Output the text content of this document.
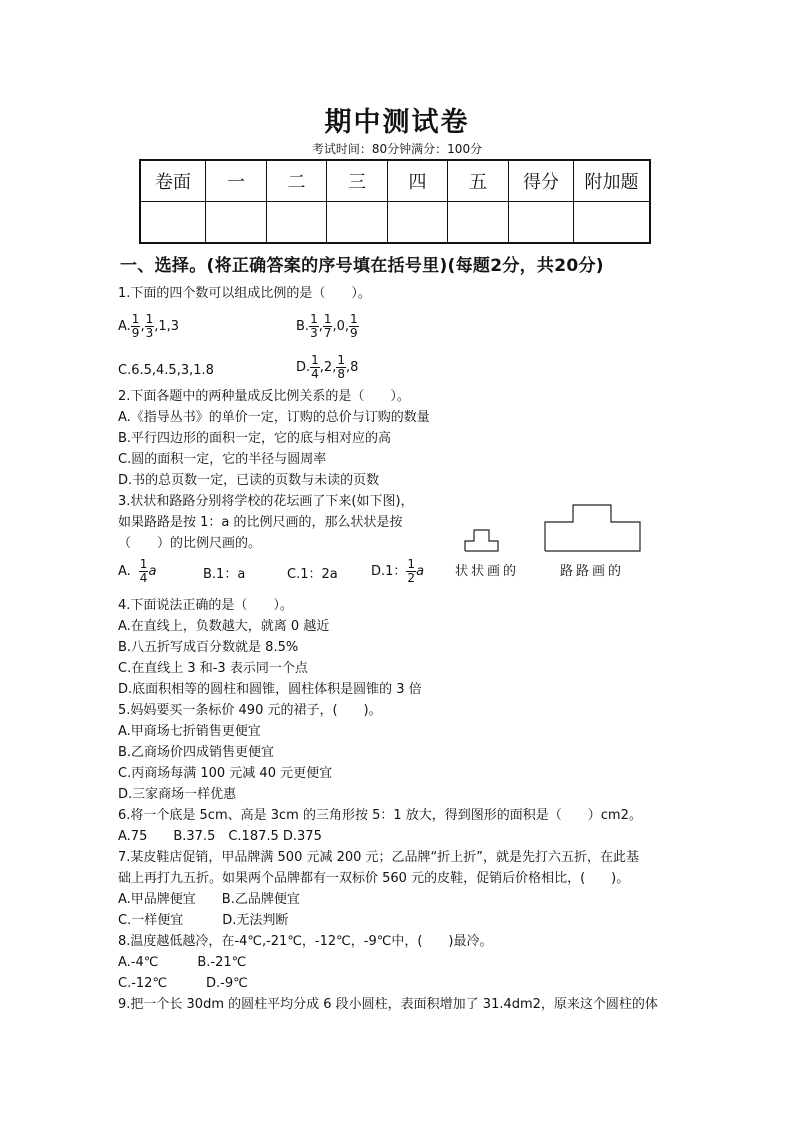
期中测试卷
考试时间：80分钟满分：100分
卷面	一	二	三	四	五	得分	附加题

一、选择。(将正确答案的序号填在括号里)(每题2分，共20分)
1.下面的四个数可以组成比例的是（　　）。
A. $\frac{1}{9}$ , $\frac{1}{3} ,1,3$	B. $\frac{1}{3}$ , $\frac{1}{7} ,0$, $\frac{1}{9}$
C.6.5,4.5,3,1.8	D. $\frac{1}{4} ,2$, $\frac{1}{8} ,8$
2.下面各题中的两种量成反比例关系的是（　　）。
A.《指导丛书》的单价一定，订购的总价与订购的数量
B.平行四边形的面积一定，它的底与相对应的高
C.圆的面积一定，它的半径与圆周率
D.书的总页数一定，已读的页数与未读的页数
3.状状和路路分别将学校的花坛画了下来(如下图)，
如果路路是按 1：a 的比例尺画的，那么状状是按
（　　）的比例尺画的。
A. $\frac{1}{4}$ a	B.1：a	C.1：2a	D.1： $\frac{1}{2}$ a 状状画的	路路画的
4.下面说法正确的是（　　）。
A.在直线上，负数越大，就离 0 越近
B.八五折写成百分数就是 8.5%
C.在直线上 3 和-3 表示同一个点
D.底面积相等的圆柱和圆锥，圆柱体积是圆锥的 3 倍
5.妈妈要买一条标价 490 元的裙子，(　　)。
A.甲商场七折销售更便宜
B.乙商场价四成销售更便宜
C.丙商场每满 100 元减 40 元更便宜
D.三家商场一样优惠
6.将一个底是 5cm、高是 3cm 的三角形按 5：1 放大，得到图形的面积是（　　）cm2。
A.75　　B.37.5　C.187.5 D.375
7.某皮鞋店促销，甲品牌满 500 元减 200 元；乙品牌“折上折”，就是先打六五折，在此基
础上再打九五折。如果两个品牌都有一双标价 560 元的皮鞋，促销后价格相比，(　　)。
A.甲品牌便宜　　B.乙品牌便宜
C.一样便宜　　　D.无法判断
8.温度越低越冷，在-4℃,-21℃，-12℃，-9℃中，(　　)最冷。
A.-4℃　　　B.-21℃
C.-12℃　　　D.-9℃
9.把一个长 30dm 的圆柱平均分成 6 段小圆柱，表面积增加了 31.4dm2，原来这个圆柱的体
